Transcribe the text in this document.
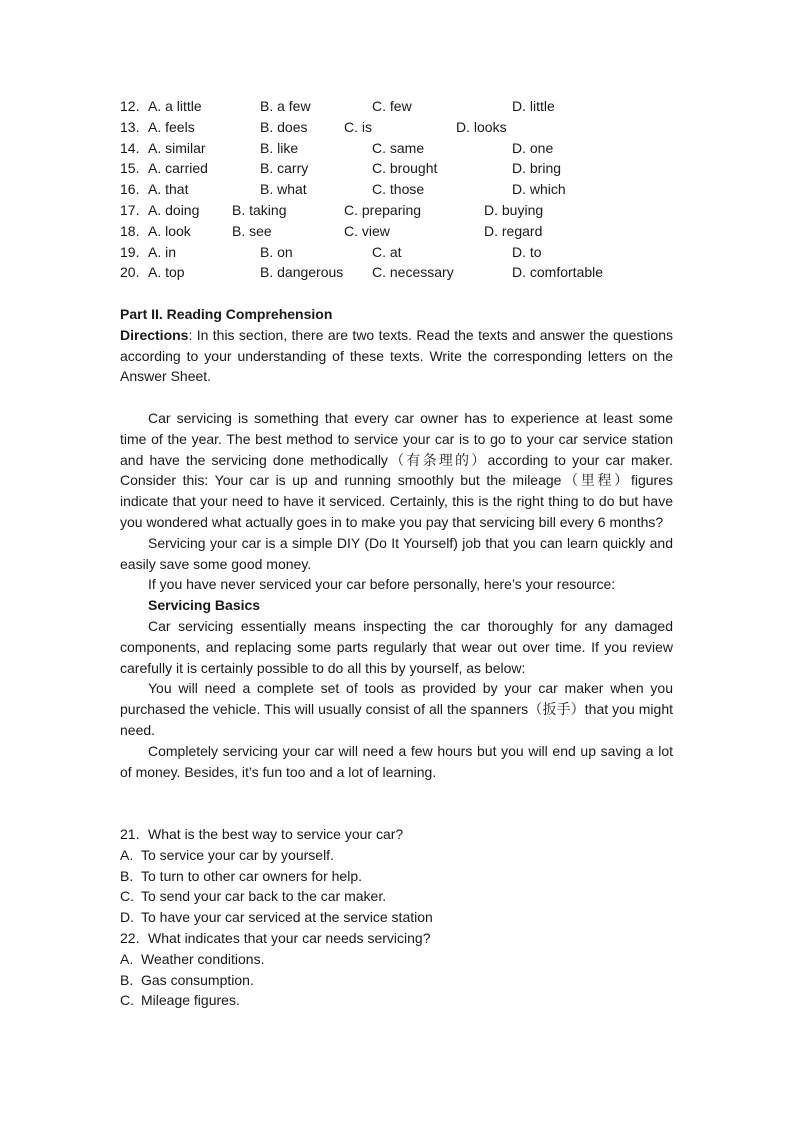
12. A. a little	B. a few	C. few	D. little
13. A. feels	B. does	C. is	D. looks
14. A. similar	B. like	C. same	D. one
15. A. carried	B. carry	C. brought	D. bring
16. A. that	B. what	C. those	D. which
17. A. doing B. taking	C. preparing	D. buying
18. A. look	B. see	C. view	D. regard
19. A. in	B. on	C. at	D. to
20. A. top	B. dangerous C. necessary	D. comfortable

Part II. Reading Comprehension

Directions: In this section, there are two texts. Read the texts and answer the questions according to your understanding of these texts. Write the corresponding letters on the Answer Sheet.

Car servicing is something that every car owner has to experience at least some time of the year. The best method to service your car is to go to your car service station and have the servicing done methodically（有条理的）according to your car maker. Consider this: Your car is up and running smoothly but the mileage（里程）figures indicate that your need to have it serviced. Certainly, this is the right thing to do but have you wondered what actually goes in to make you pay that servicing bill every 6 months?

Servicing your car is a simple DIY (Do It Yourself) job that you can learn quickly and easily save some good money.

If you have never serviced your car before personally, here’s your resource:

Servicing Basics

Car servicing essentially means inspecting the car thoroughly for any damaged components, and replacing some parts regularly that wear out over time. If you review carefully it is certainly possible to do all this by yourself, as below:

You will need a complete set of tools as provided by your car maker when you purchased the vehicle. This will usually consist of all the spanners（扳手）that you might need.

Completely servicing your car will need a few hours but you will end up saving a lot of money. Besides, it’s fun too and a lot of learning.

21. What is the best way to service your car?
A. To service your car by yourself.
B. To turn to other car owners for help.
C. To send your car back to the car maker.
D. To have your car serviced at the service station
22. What indicates that your car needs servicing?
A. Weather conditions.
B. Gas consumption.
C. Mileage figures.
